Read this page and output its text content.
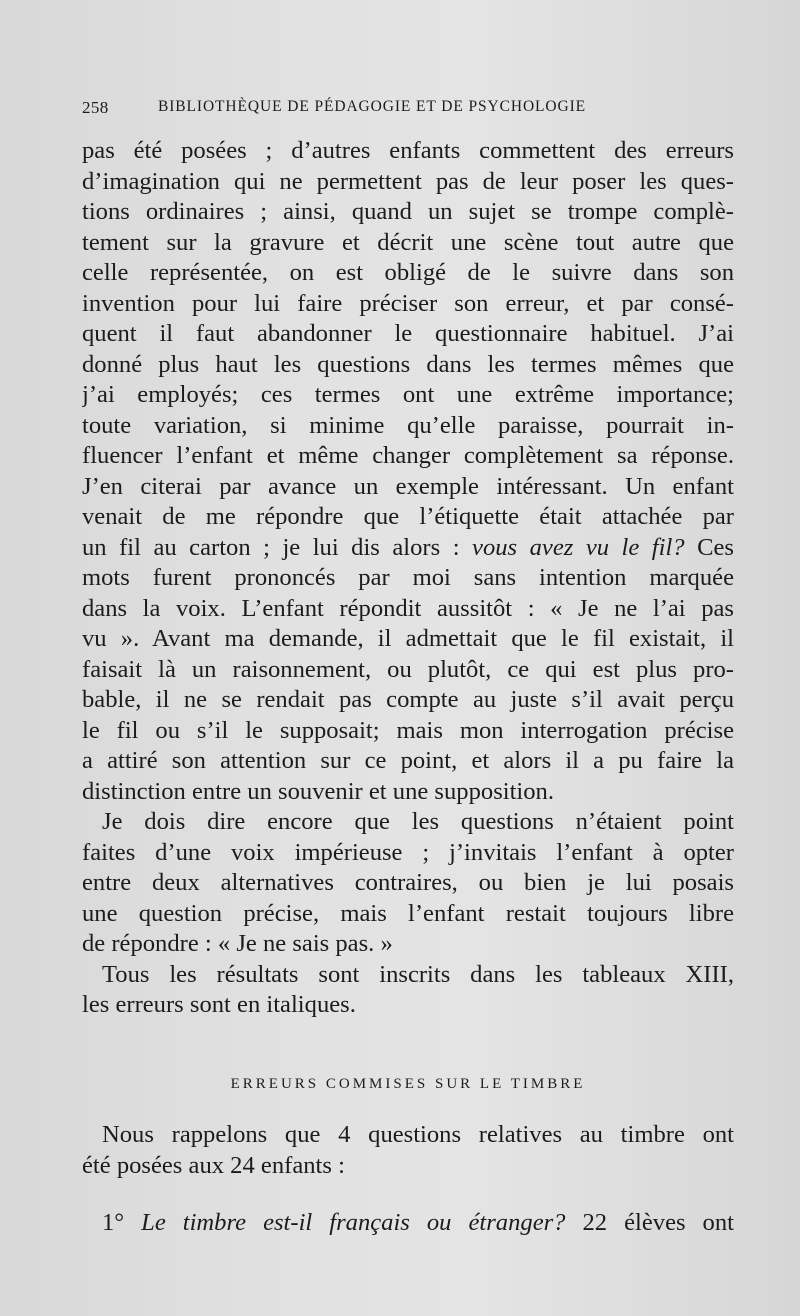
258	BIBLIOTHÈQUE DE PÉDAGOGIE ET DE PSYCHOLOGIE
pas été posées ; d’autres enfants commettent des erreurs
d’imagination qui ne permettent pas de leur poser les ques-
tions ordinaires ; ainsi, quand un sujet se trompe complè-
tement sur la gravure et décrit une scène tout autre que
celle représentée, on est obligé de le suivre dans son
invention pour lui faire préciser son erreur, et par consé-
quent il faut abandonner le questionnaire habituel. J’ai
donné plus haut les questions dans les termes mêmes que
j’ai employés; ces termes ont une extrême importance;
toute variation, si minime qu’elle paraisse, pourrait in-
fluencer l’enfant et même changer complètement sa réponse.
J’en citerai par avance un exemple intéressant. Un enfant
venait de me répondre que l’étiquette était attachée par
un fil au carton ; je lui dis alors : vous avez vu le fil? Ces
mots furent prononcés par moi sans intention marquée
dans la voix. L’enfant répondit aussitôt : « Je ne l’ai pas
vu ». Avant ma demande, il admettait que le fil existait, il
faisait là un raisonnement, ou plutôt, ce qui est plus pro-
bable, il ne se rendait pas compte au juste s’il avait perçu
le fil ou s’il le supposait; mais mon interrogation précise
a attiré son attention sur ce point, et alors il a pu faire la
distinction entre un souvenir et une supposition.
Je dois dire encore que les questions n’étaient point
faites d’une voix impérieuse ; j’invitais l’enfant à opter
entre deux alternatives contraires, ou bien je lui posais
une question précise, mais l’enfant restait toujours libre
de répondre : « Je ne sais pas. »
Tous les résultats sont inscrits dans les tableaux XIII,
les erreurs sont en italiques.
ERREURS COMMISES SUR LE TIMBRE
Nous rappelons que 4 questions relatives au timbre ont
été posées aux 24 enfants :
1° Le timbre est-il français ou étranger? 22 élèves ont
